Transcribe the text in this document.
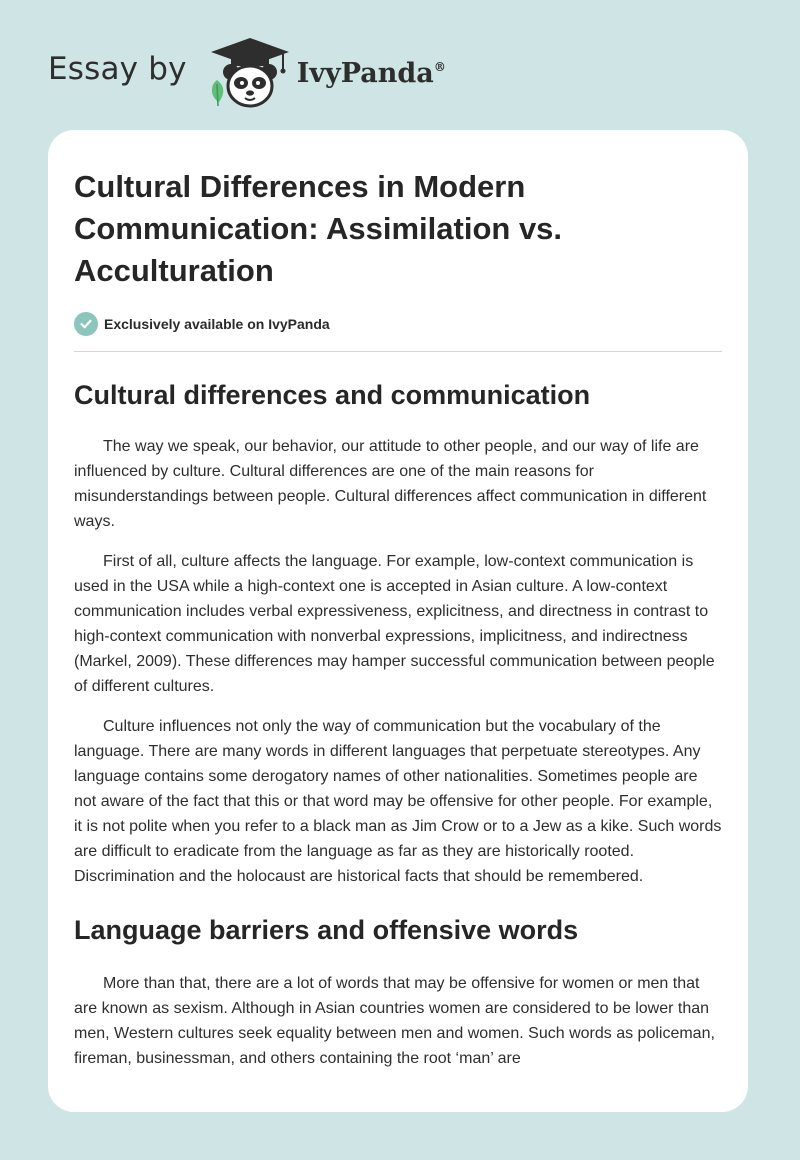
Essay by	IvyPanda®
Cultural Differences in Modern Communication: Assimilation vs. Acculturation
Exclusively available on IvyPanda
Cultural differences and communication

The way we speak, our behavior, our attitude to other people, and our way of life are influenced by culture. Cultural differences are one of the main reasons for misunderstandings between people. Cultural differences affect communication in different ways.

First of all, culture affects the language. For example, low-context communication is used in the USA while a high-context one is accepted in Asian culture. A low-context communication includes verbal expressiveness, explicitness, and directness in contrast to high-context communication with nonverbal expressions, implicitness, and indirectness (Markel, 2009). These differences may hamper successful communication between people of different cultures.

Culture influences not only the way of communication but the vocabulary of the language. There are many words in different languages that perpetuate stereotypes. Any language contains some derogatory names of other nationalities. Sometimes people are not aware of the fact that this or that word may be offensive for other people. For example, it is not polite when you refer to a black man as Jim Crow or to a Jew as a kike. Such words are difficult to eradicate from the language as far as they are historically rooted. Discrimination and the holocaust are historical facts that should be remembered.

Language barriers and offensive words

More than that, there are a lot of words that may be offensive for women or men that are known as sexism. Although in Asian countries women are considered to be lower than men, Western cultures seek equality between men and women. Such words as policeman, fireman, businessman, and others containing the root ‘man’ are
